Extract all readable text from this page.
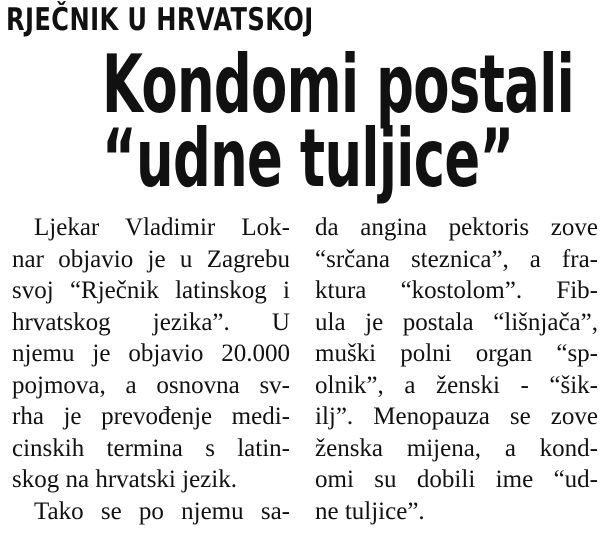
RJEČNIK U HRVATSKOJ
Kondomi postali
“udne tuljice”
Ljekar Vladimir Lok-
nar objavio je u Zagrebu
svoj “Rječnik latinskog i
hrvatskog jezika”. U
njemu je objavio 20.000
pojmova, a osnovna sv-
rha je prevođenje medi-
cinskih termina s latin-
skog na hrvatski jezik.
Tako se po njemu sa-
da angina pektoris zove
“srčana steznica”, a fra-
ktura “kostolom”. Fib-
ula je postala “lišnjača”,
muški polni organ “sp-
olnik”, a ženski - “šik-
ilj”. Menopauza se zove
ženska mijena, a kond-
omi su dobili ime “ud-
ne tuljice”.
